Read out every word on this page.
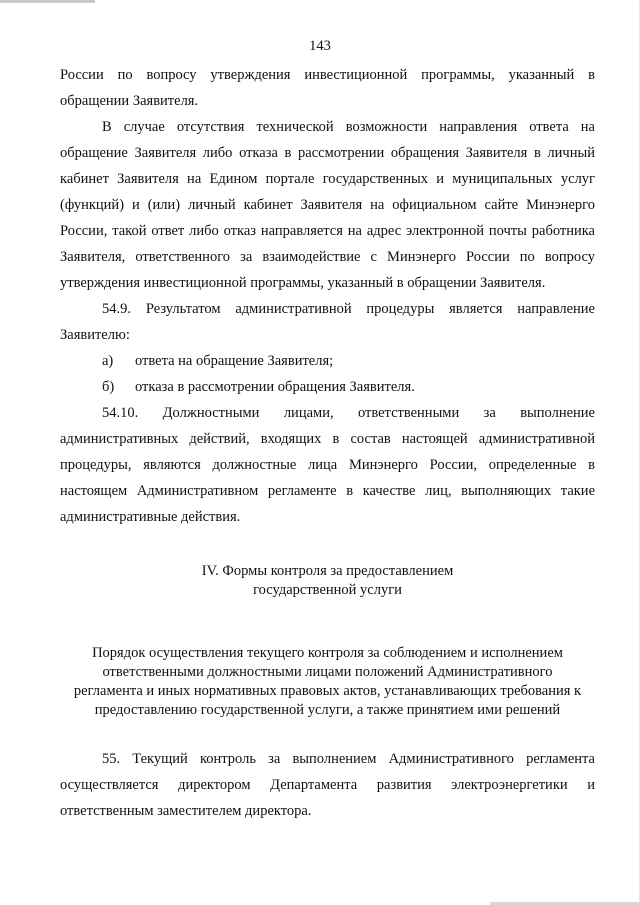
143

России по вопросу утверждения инвестиционной программы, указанный в обращении Заявителя.

В случае отсутствия технической возможности направления ответа на обращение Заявителя либо отказа в рассмотрении обращения Заявителя в личный кабинет Заявителя на Едином портале государственных и муниципальных услуг (функций) и (или) личный кабинет Заявителя на официальном сайте Минэнерго России, такой ответ либо отказ направляется на адрес электронной почты работника Заявителя, ответственного за взаимодействие с Минэнерго России по вопросу утверждения инвестиционной программы, указанный в обращении Заявителя.

54.9. Результатом административной процедуры является направление Заявителю:

а)	ответа на обращение Заявителя;
б)	отказа в рассмотрении обращения Заявителя.

54.10. Должностными лицами, ответственными за выполнение административных действий, входящих в состав настоящей административной процедуры, являются должностные лица Минэнерго России, определенные в настоящем Административном регламенте в качестве лиц, выполняющих такие административные действия.

IV. Формы контроля за предоставлением
государственной услуги
Порядок осуществления текущего контроля за соблюдением и исполнением
ответственными должностными лицами положений Административного
регламента и иных нормативных правовых актов, устанавливающих требования к
предоставлению государственной услуги, а также принятием ими решений

55. Текущий контроль за выполнением Административного регламента осуществляется директором Департамента развития электроэнергетики и ответственным заместителем директора.
